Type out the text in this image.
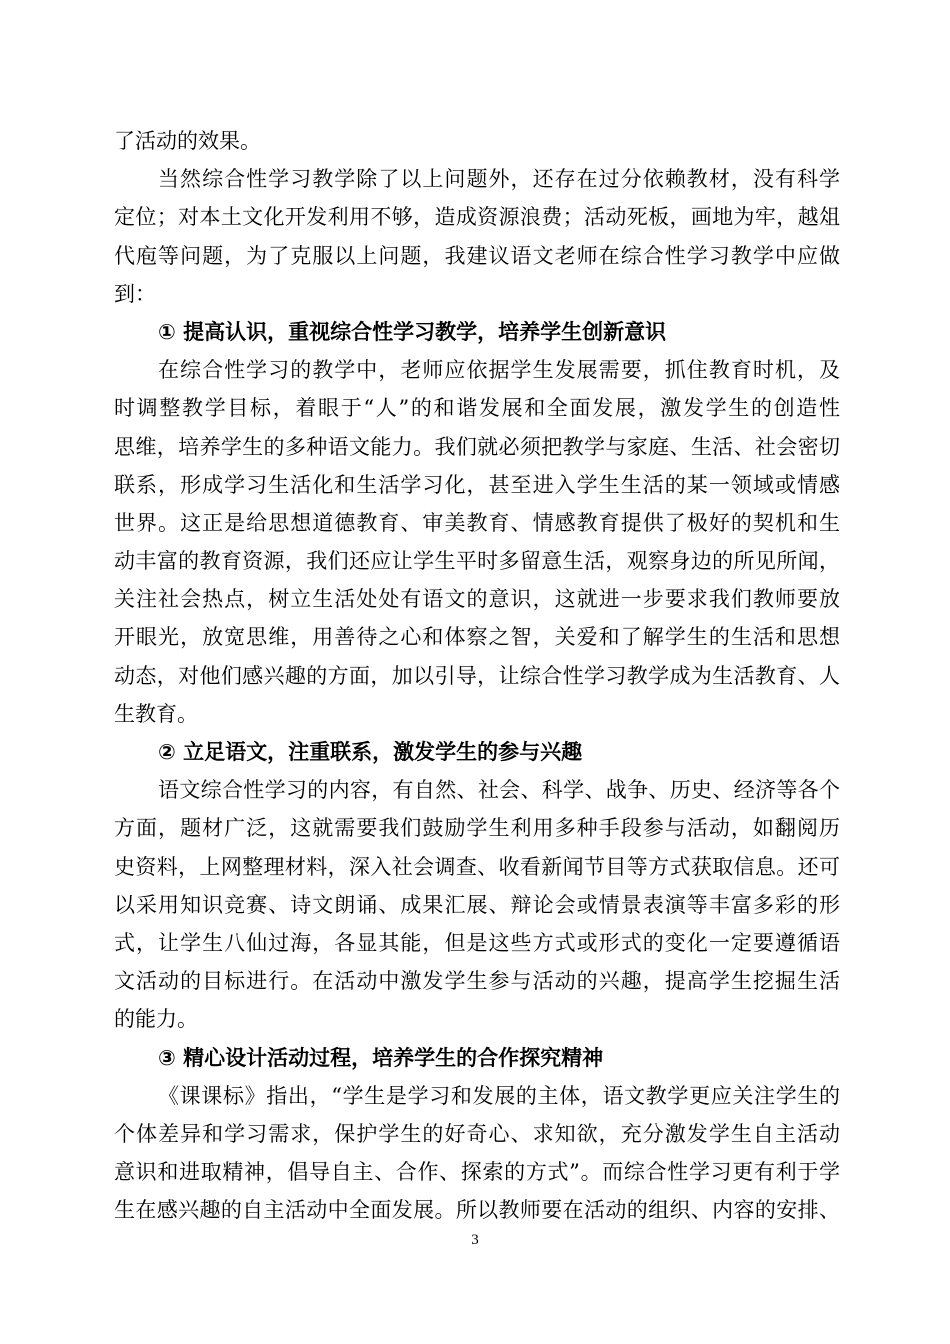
了活动的效果。
当然综合性学习教学除了以上问题外，还存在过分依赖教材，没有科学
定位；对本土文化开发利用不够，造成资源浪费；活动死板，画地为牢，越俎
代庖等问题，为了克服以上问题，我建议语文老师在综合性学习教学中应做
到：
① 提高认识，重视综合性学习教学，培养学生创新意识
在综合性学习的教学中，老师应依据学生发展需要，抓住教育时机，及
时调整教学目标，着眼于“人”的和谐发展和全面发展，激发学生的创造性
思维，培养学生的多种语文能力。我们就必须把教学与家庭、生活、社会密切
联系，形成学习生活化和生活学习化，甚至进入学生生活的某一领域或情感
世界。这正是给思想道德教育、审美教育、情感教育提供了极好的契机和生
动丰富的教育资源，我们还应让学生平时多留意生活，观察身边的所见所闻，
关注社会热点，树立生活处处有语文的意识，这就进一步要求我们教师要放
开眼光，放宽思维，用善待之心和体察之智，关爱和了解学生的生活和思想
动态，对他们感兴趣的方面，加以引导，让综合性学习教学成为生活教育、人
生教育。
② 立足语文，注重联系，激发学生的参与兴趣
语文综合性学习的内容，有自然、社会、科学、战争、历史、经济等各个
方面，题材广泛，这就需要我们鼓励学生利用多种手段参与活动，如翻阅历
史资料，上网整理材料，深入社会调查、收看新闻节目等方式获取信息。还可
以采用知识竞赛、诗文朗诵、成果汇展、辩论会或情景表演等丰富多彩的形
式，让学生八仙过海，各显其能，但是这些方式或形式的变化一定要遵循语
文活动的目标进行。在活动中激发学生参与活动的兴趣，提高学生挖掘生活
的能力。
③ 精心设计活动过程，培养学生的合作探究精神
《课课标》指出，“学生是学习和发展的主体，语文教学更应关注学生的
个体差异和学习需求，保护学生的好奇心、求知欲，充分激发学生自主活动
意识和进取精神，倡导自主、合作、探索的方式”。而综合性学习更有利于学
生在感兴趣的自主活动中全面发展。所以教师要在活动的组织、内容的安排、
3
